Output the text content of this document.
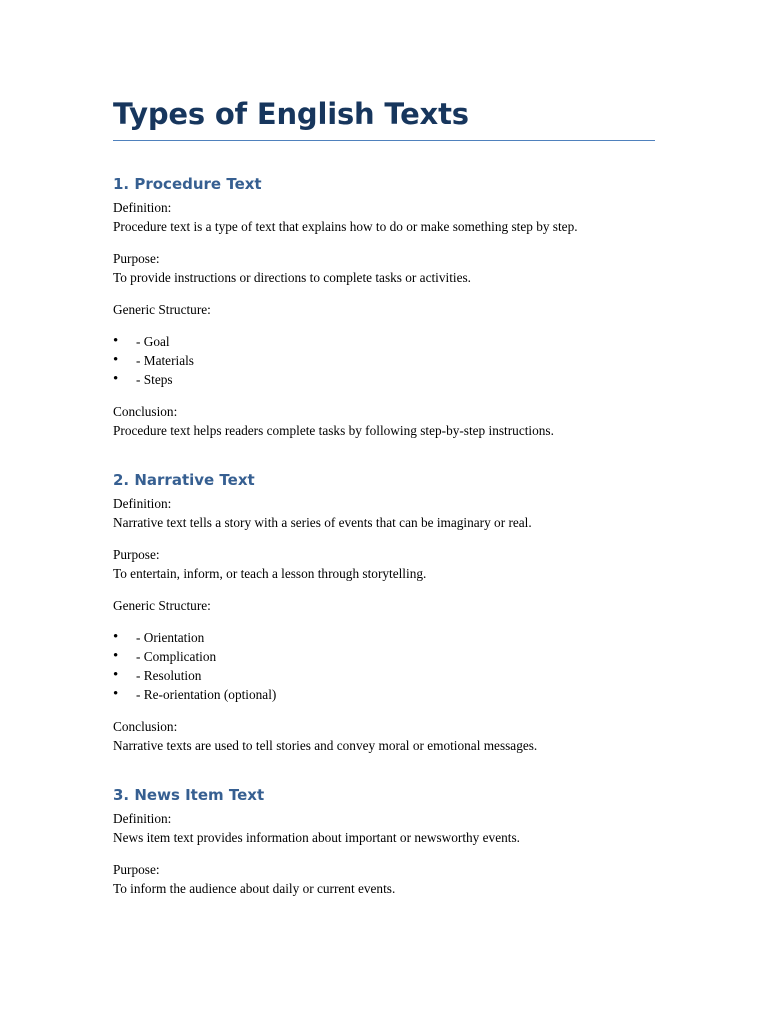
Types of English Texts
1. Procedure Text
Definition:
Procedure text is a type of text that explains how to do or make something step by step.
Purpose:
To provide instructions or directions to complete tasks or activities.
Generic Structure:
• - Goal
• - Materials
• - Steps
Conclusion:
Procedure text helps readers complete tasks by following step-by-step instructions.
2. Narrative Text
Definition:
Narrative text tells a story with a series of events that can be imaginary or real.
Purpose:
To entertain, inform, or teach a lesson through storytelling.
Generic Structure:
• - Orientation
• - Complication
• - Resolution
• - Re-orientation (optional)
Conclusion:
Narrative texts are used to tell stories and convey moral or emotional messages.
3. News Item Text
Definition:
News item text provides information about important or newsworthy events.
Purpose:
To inform the audience about daily or current events.
